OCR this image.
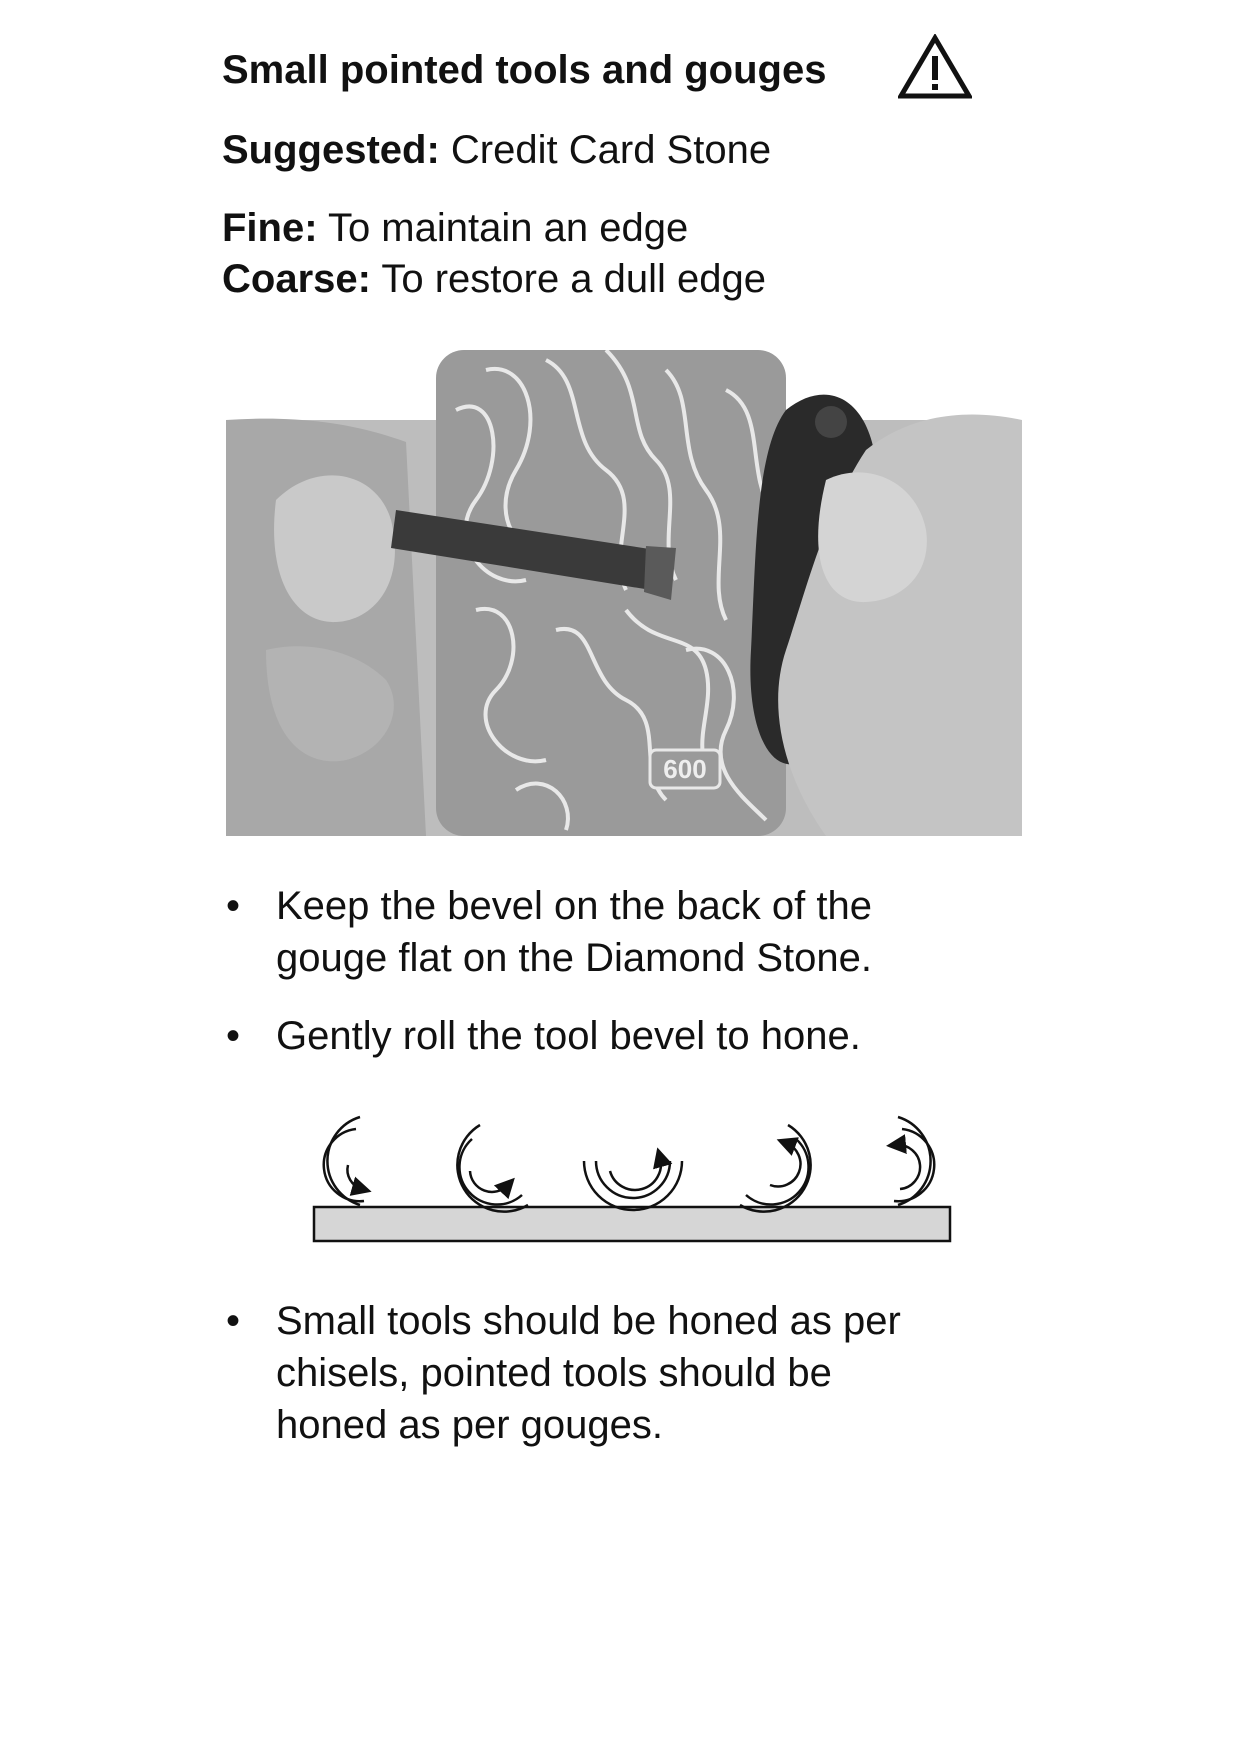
Small pointed tools and gouges
Suggested: Credit Card Stone
Fine: To maintain an edge
Coarse: To restore a dull edge
600
• Keep the bevel on the back of the
gouge flat on the Diamond Stone.
• Gently roll the tool bevel to hone.
• Small tools should be honed as per
chisels, pointed tools should be
honed as per gouges.
